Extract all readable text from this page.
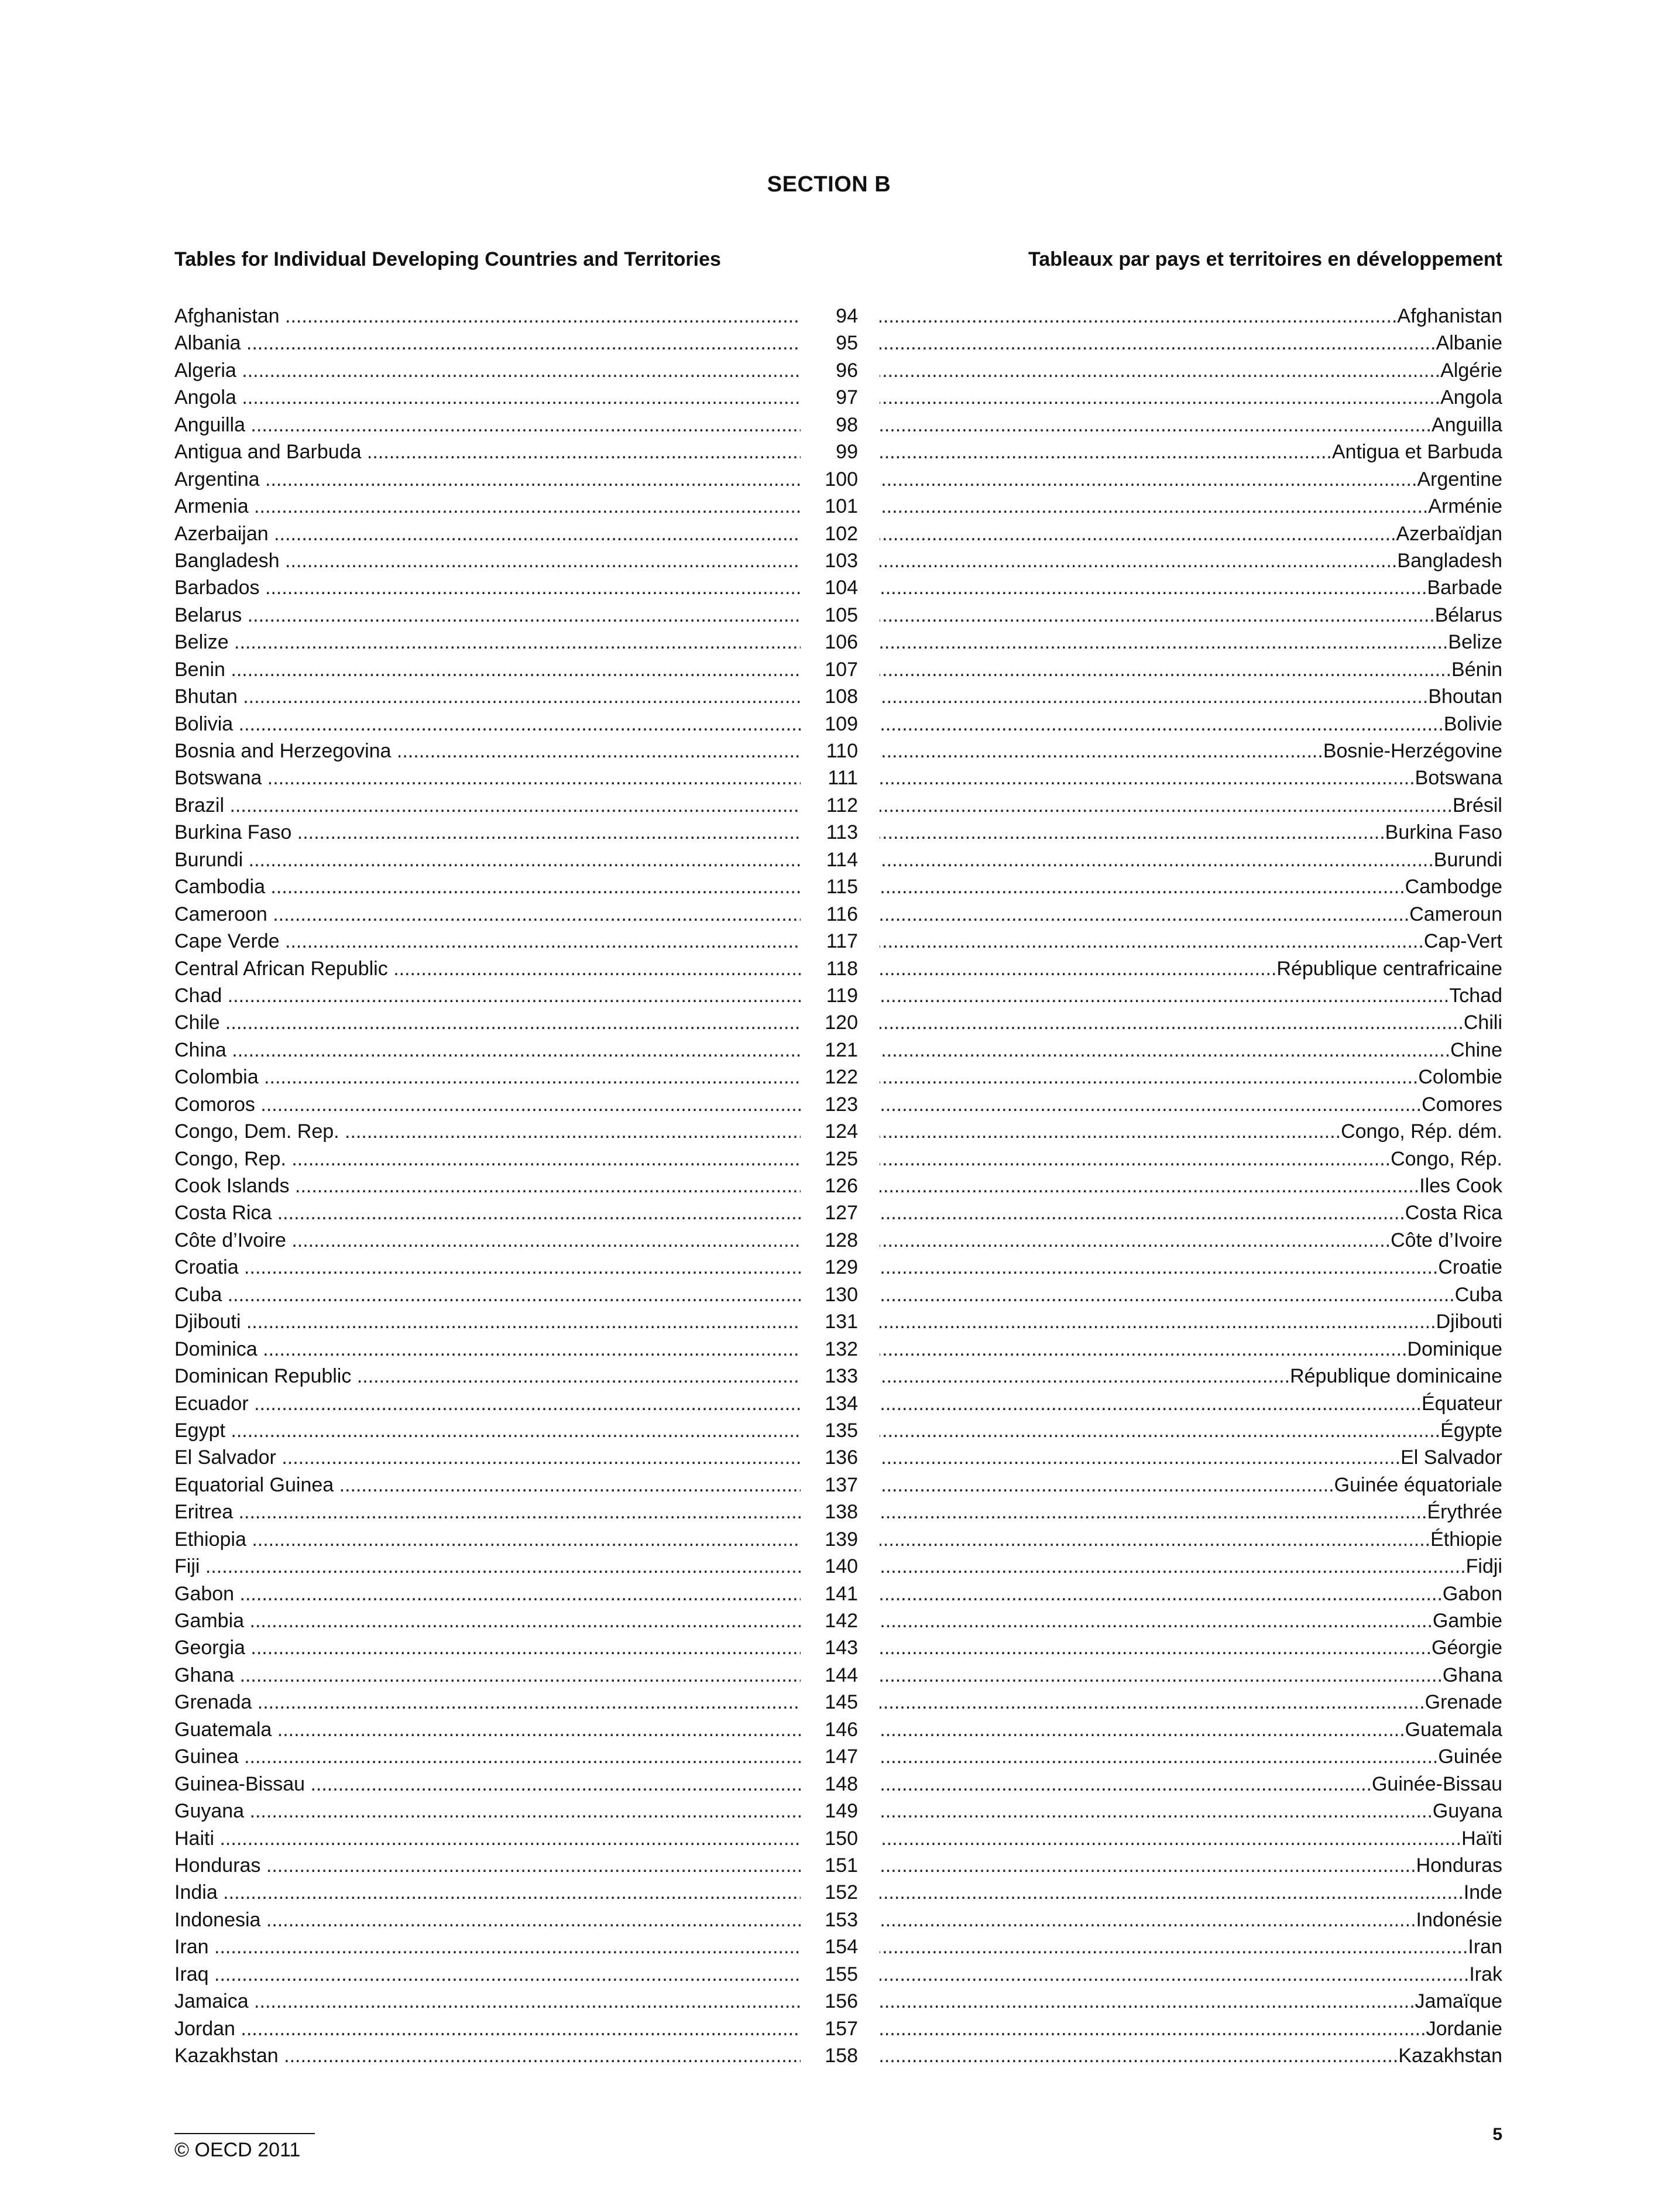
SECTION B
Tables for Individual Developing Countries and Territories	Tableaux par pays et territoires en développement
Afghanistan .....	94	Afghanistan .....
Albania .....	95	Albanie .....
Algeria .....	96	Algérie .....
Angola .....	97	Angola .....
Anguilla .....	98	Anguilla .....
Antigua and Barbuda .....	99	Antigua et Barbuda .....
Argentina .....	100	Argentine .....
Armenia .....	101	Arménie .....
Azerbaijan .....	102	Azerbaïdjan .....
Bangladesh .....	103	Bangladesh .....
Barbados .....	104	Barbade .....
Belarus .....	105	Bélarus .....
Belize .....	106	Belize .....
Benin .....	107	Bénin .....
Bhutan .....	108	Bhoutan .....
Bolivia .....	109	Bolivie .....
Bosnia and Herzegovina .....	110	Bosnie-Herzégovine .....
Botswana .....	111	Botswana .....
Brazil .....	112	Brésil .....
Burkina Faso .....	113	Burkina Faso .....
Burundi .....	114	Burundi .....
Cambodia .....	115	Cambodge .....
Cameroon .....	116	Cameroun .....
Cape Verde .....	117	Cap-Vert .....
Central African Republic .....	118	République centrafricaine .....
Chad .....	119	Tchad .....
Chile .....	120	Chili .....
China .....	121	Chine .....
Colombia .....	122	Colombie .....
Comoros .....	123	Comores .....
Congo, Dem. Rep. .....	124	Congo, Rép. dém. .....
Congo, Rep. .....	125	Congo, Rép. .....
Cook Islands .....	126	Iles Cook .....
Costa Rica .....	127	Costa Rica .....
Côte d’Ivoire .....	128	Côte d’Ivoire .....
Croatia .....	129	Croatie .....
Cuba .....	130	Cuba .....
Djibouti .....	131	Djibouti .....
Dominica .....	132	Dominique .....
Dominican Republic .....	133	République dominicaine .....
Ecuador .....	134	Équateur .....
Egypt .....	135	Égypte .....
El Salvador .....	136	El Salvador .....
Equatorial Guinea .....	137	Guinée équatoriale .....
Eritrea .....	138	Érythrée .....
Ethiopia .....	139	Éthiopie .....
Fiji .....	140	Fidji .....
Gabon .....	141	Gabon .....
Gambia .....	142	Gambie .....
Georgia .....	143	Géorgie .....
Ghana .....	144	Ghana .....
Grenada .....	145	Grenade .....
Guatemala .....	146	Guatemala .....
Guinea .....	147	Guinée .....
Guinea-Bissau .....	148	Guinée-Bissau .....
Guyana .....	149	Guyana .....
Haiti .....	150	Haïti .....
Honduras .....	151	Honduras .....
India .....	152	Inde .....
Indonesia .....	153	Indonésie .....
Iran .....	154	Iran .....
Iraq .....	155	Irak .....
Jamaica .....	156	Jamaïque .....
Jordan .....	157	Jordanie .....
Kazakhstan .....	158	Kazakhstan .....
© OECD 2011
5
